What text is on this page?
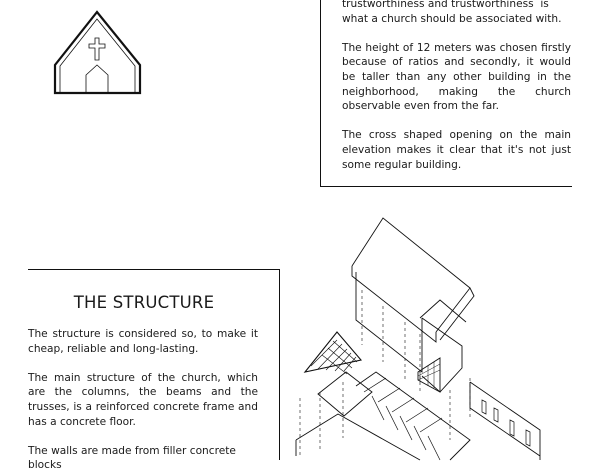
trustworthiness and trustworthiness  is
what a church should be associated with.

The height of 12 meters was chosen firstly because of ratios and secondly, it would be taller than any other building in the neighborhood, making the church observable even from the far.

The cross shaped opening on the main elevation makes it clear that it's not just some regular building.

THE STRUCTURE

The structure is considered so, to make it cheap, reliable and long-lasting.

The main structure of the church, which are the columns, the beams and the trusses, is a reinforced concrete frame and has a concrete floor.

The walls are made from filler concrete
blocks
